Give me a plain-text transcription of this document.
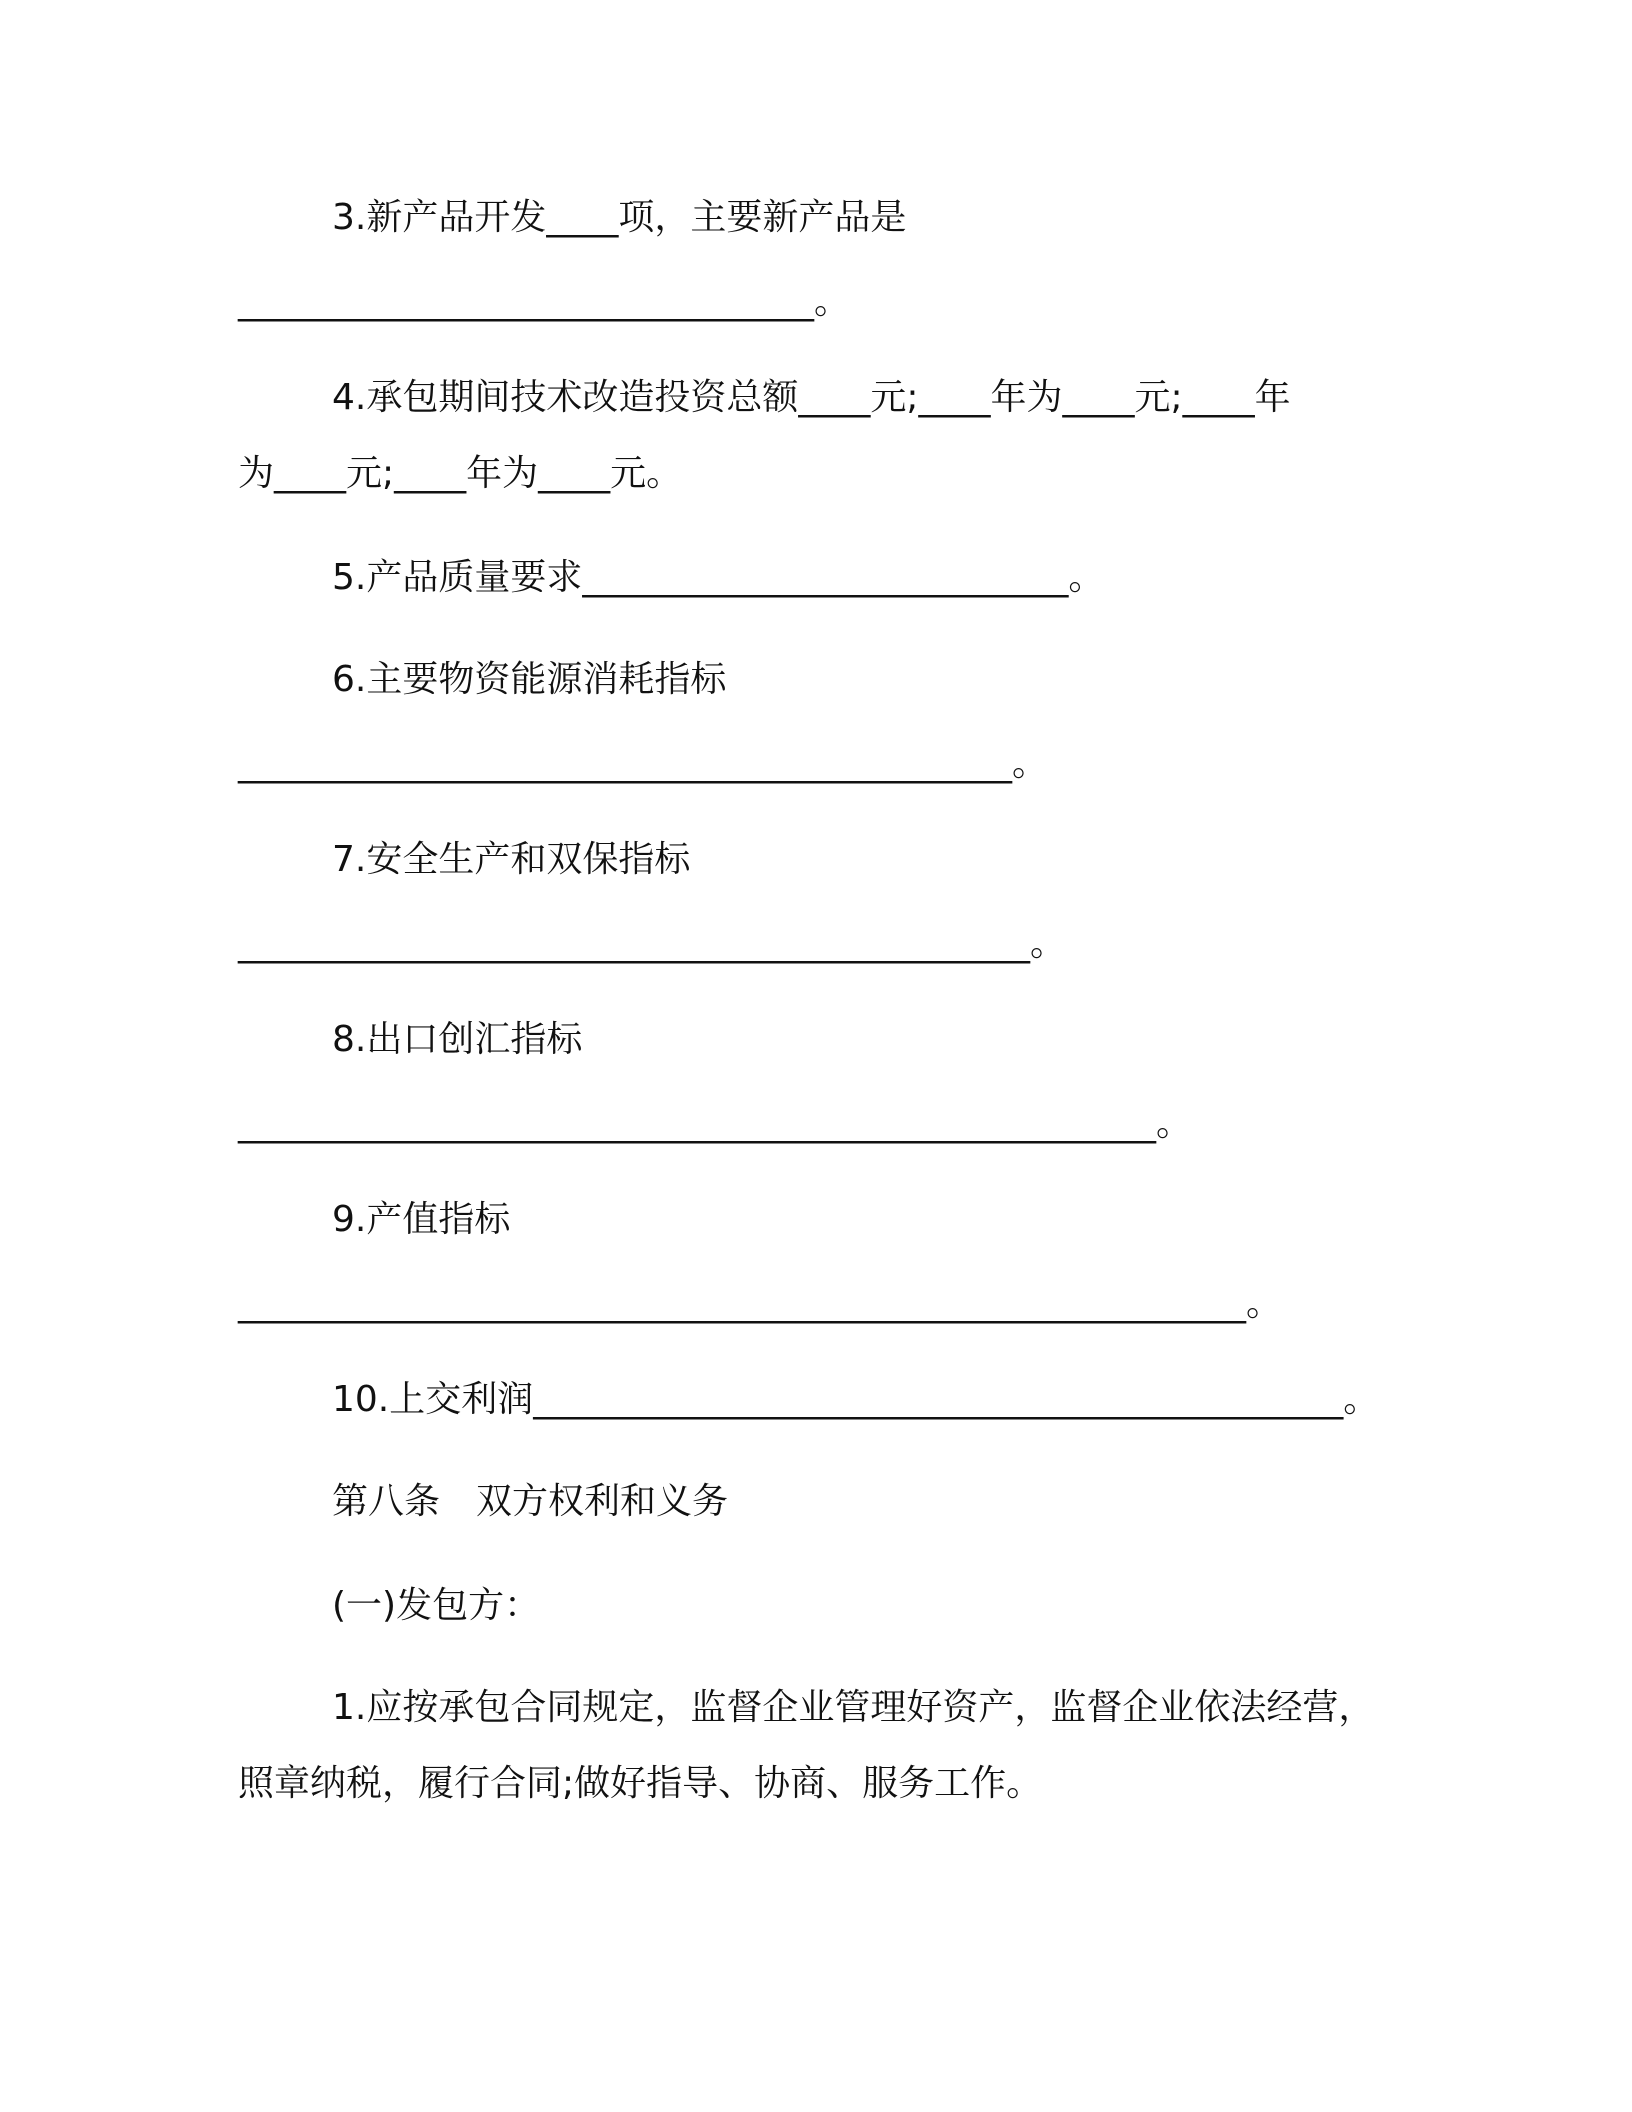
3.新产品开发____项，主要新产品是
________________________________。
4.承包期间技术改造投资总额____元;____年为____元;____年
为____元;____年为____元。
5.产品质量要求___________________________。
6.主要物资能源消耗指标
___________________________________________。
7.安全生产和双保指标
____________________________________________。
8.出口创汇指标
___________________________________________________。
9.产值指标
________________________________________________________。
10.上交利润_____________________________________________。
第八条　双方权利和义务
(一)发包方：
1.应按承包合同规定，监督企业管理好资产，监督企业依法经营，
照章纳税，履行合同;做好指导、协商、服务工作。
